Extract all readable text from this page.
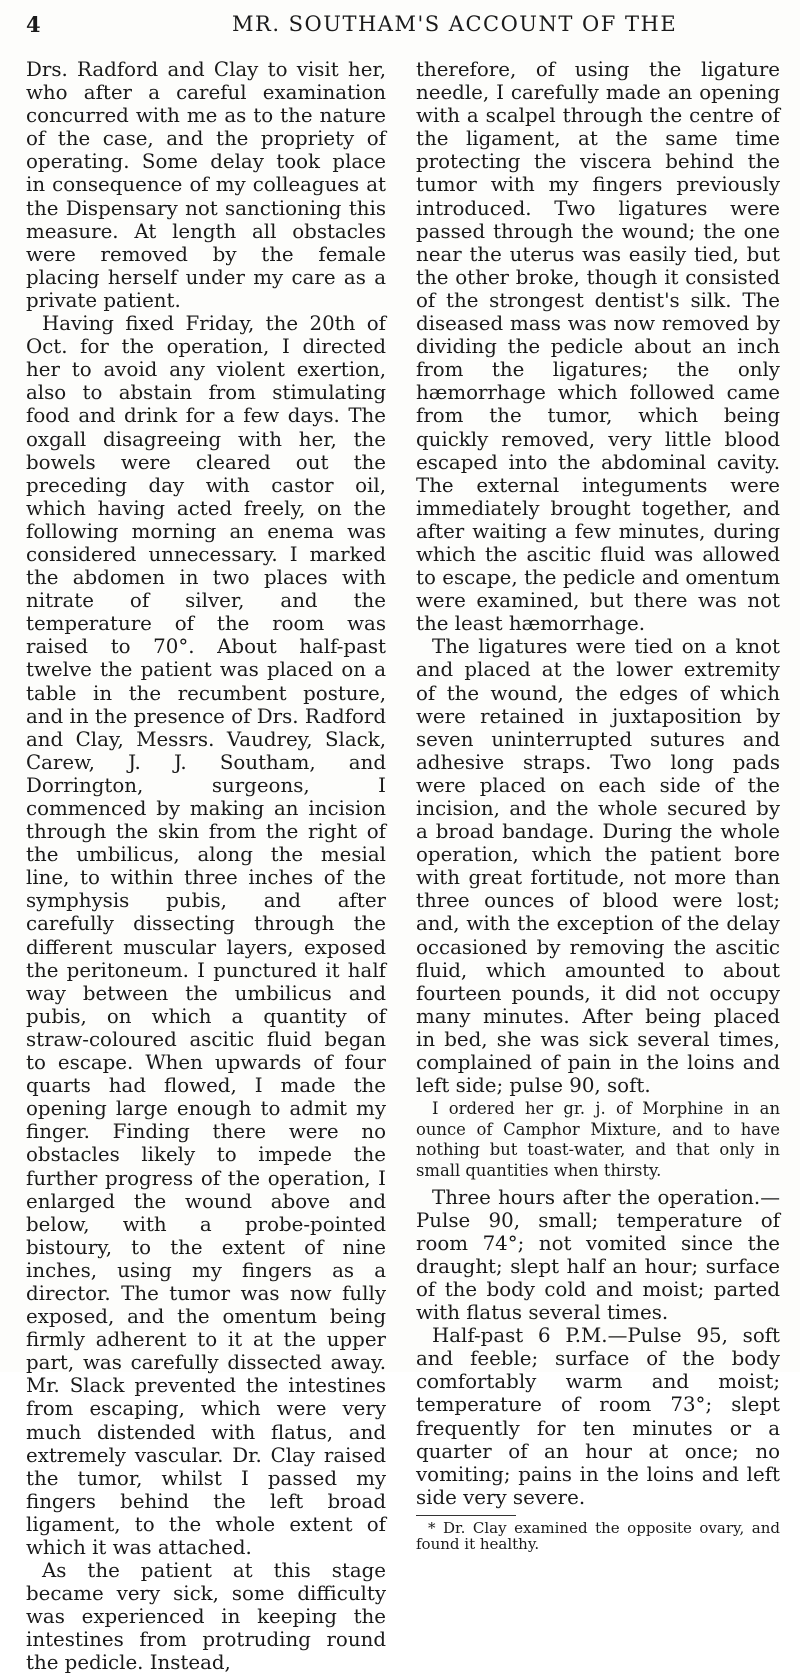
4	MR. SOUTHAM'S ACCOUNT OF THE

Drs. Radford and Clay to visit her, who after a careful examination concurred with me as to the nature of the case, and the propriety of operating. Some delay took place in consequence of my colleagues at the Dispensary not sanctioning this measure. At length all obstacles were removed by the female placing herself under my care as a private patient.

Having fixed Friday, the 20th of Oct. for the operation, I directed her to avoid any violent exertion, also to abstain from stimulating food and drink for a few days. The oxgall disagreeing with her, the bowels were cleared out the preceding day with castor oil, which having acted freely, on the following morning an enema was considered unnecessary. I marked the abdomen in two places with nitrate of silver, and the temperature of the room was raised to 70°. About half-past twelve the patient was placed on a table in the recumbent posture, and in the presence of Drs. Radford and Clay, Messrs. Vaudrey, Slack, Carew, J. J. Southam, and Dorrington, surgeons, I commenced by making an incision through the skin from the right of the umbilicus, along the mesial line, to within three inches of the symphysis pubis, and after carefully dissecting through the different muscular layers, exposed the peritoneum. I punctured it half way between the umbilicus and pubis, on which a quantity of straw-coloured ascitic fluid began to escape. When upwards of four quarts had flowed, I made the opening large enough to admit my finger. Finding there were no obstacles likely to impede the further progress of the operation, I enlarged the wound above and below, with a probe-pointed bistoury, to the extent of nine inches, using my fingers as a director. The tumor was now fully exposed, and the omentum being firmly adherent to it at the upper part, was carefully dissected away. Mr. Slack prevented the intestines from escaping, which were very much distended with flatus, and extremely vascular. Dr. Clay raised the tumor, whilst I passed my fingers behind the left broad ligament, to the whole extent of which it was attached.

As the patient at this stage became very sick, some difficulty was experienced in keeping the intestines from protruding round the pedicle. Instead,

therefore, of using the ligature needle, I carefully made an opening with a scalpel through the centre of the ligament, at the same time protecting the viscera behind the tumor with my fingers previously introduced. Two ligatures were passed through the wound; the one near the uterus was easily tied, but the other broke, though it consisted of the strongest dentist's silk. The diseased mass was now removed by dividing the pedicle about an inch from the ligatures; the only hæmorrhage which followed came from the tumor, which being quickly removed, very little blood escaped into the abdominal cavity. The external integuments were immediately brought together, and after waiting a few minutes, during which the ascitic fluid was allowed to escape, the pedicle and omentum were examined, but there was not the least hæmorrhage.

The ligatures were tied on a knot and placed at the lower extremity of the wound, the edges of which were retained in juxtaposition by seven uninterrupted sutures and adhesive straps. Two long pads were placed on each side of the incision, and the whole secured by a broad bandage. During the whole operation, which the patient bore with great fortitude, not more than three ounces of blood were lost; and, with the exception of the delay occasioned by removing the ascitic fluid, which amounted to about fourteen pounds, it did not occupy many minutes. After being placed in bed, she was sick several times, complained of pain in the loins and left side; pulse 90, soft.

I ordered her gr. j. of Morphine in an ounce of Camphor Mixture, and to have nothing but toast-water, and that only in small quantities when thirsty.

Three hours after the operation.—Pulse 90, small; temperature of room 74°; not vomited since the draught; slept half an hour; surface of the body cold and moist; parted with flatus several times.

Half-past 6 P.M.—Pulse 95, soft and feeble; surface of the body comfortably warm and moist; temperature of room 73°; slept frequently for ten minutes or a quarter of an hour at once; no vomiting; pains in the loins and left side very severe.

* Dr. Clay examined the opposite ovary, and found it healthy.
